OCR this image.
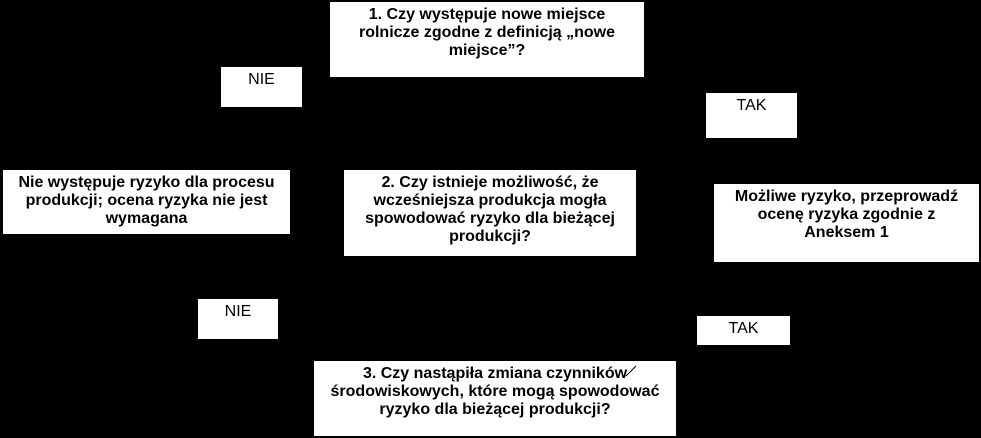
1. Czy występuje nowe miejsce rolnicze zgodne z definicją „nowe miejsce”?
NIE
TAK
Nie występuje ryzyko dla procesu produkcji; ocena ryzyka nie jest wymagana
2. Czy istnieje możliwość, że wcześniejsza produkcja mogła spowodować ryzyko dla bieżącej produkcji?
Możliwe ryzyko, przeprowadź ocenę ryzyka zgodnie z Aneksem 1
NIE
TAK
3. Czy nastąpiła zmiana czynników środowiskowych, które mogą spowodować ryzyko dla bieżącej produkcji?
